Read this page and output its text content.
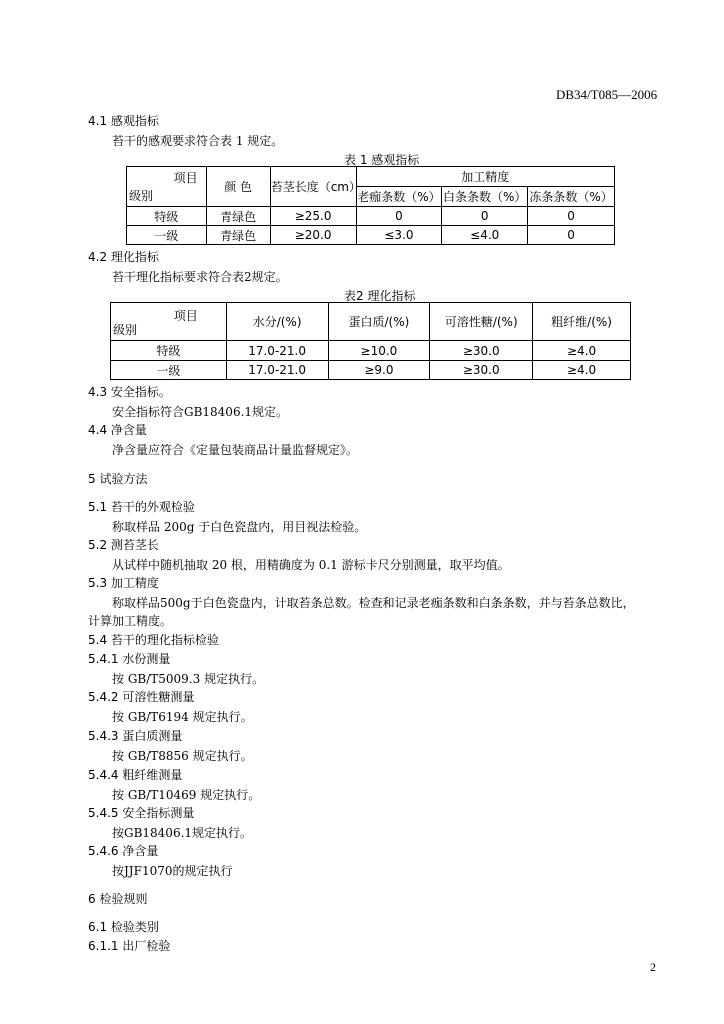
DB34/T085—2006
4.1 感观指标
苔干的感观要求符合表 1 规定。
表 1 感观指标
项目
级别	颜 色	苔茎长度（cm）	加工精度		
			老痂条数（%）	白条条数（%）	冻条条数（%）
特级	青绿色	≥25.0	0	0	0
一级	青绿色	≥20.0	≤3.0	≤4.0	0
4.2 理化指标
苔干理化指标要求符合表2规定。
表2 理化指标
项目
级别	水分/(%)	蛋白质/(%)	可溶性糖/(%)	粗纤维/(%)
特级	17.0-21.0	≥10.0	≥30.0	≥4.0
一级	17.0-21.0	≥9.0	≥30.0	≥4.0
4.3 安全指标。
安全指标符合GB18406.1规定。
4.4 净含量
净含量应符合《定量包装商品计量监督规定》。
5 试验方法
5.1 苔干的外观检验
称取样品 200g 于白色瓷盘内，用目视法检验。
5.2 测苔茎长
从试样中随机抽取 20 根，用精确度为 0.1 游标卡尺分别测量，取平均值。
5.3 加工精度
称取样品500g于白色瓷盘内，计取苔条总数。检查和记录老痂条数和白条条数，并与苔条总数比，
计算加工精度。
5.4 苔干的理化指标检验
5.4.1 水份测量
按 GB/T5009.3 规定执行。
5.4.2 可溶性糖测量
按 GB/T6194 规定执行。
5.4.3 蛋白质测量
按 GB/T8856 规定执行。
5.4.4 粗纤维测量
按 GB/T10469 规定执行。
5.4.5 安全指标测量
按GB18406.1规定执行。
5.4.6 净含量
按JJF1070的规定执行
6 检验规则
6.1 检验类别
6.1.1 出厂检验
2
